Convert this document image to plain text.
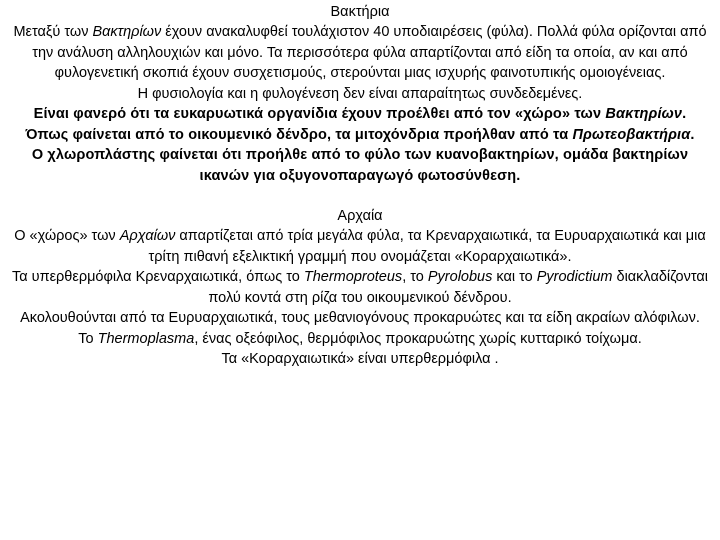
Βακτήρια

Μεταξύ των Βακτηρίων έχουν ανακαλυφθεί τουλάχιστον 40 υποδιαιρέσεις (φύλα). Πολλά φύλα ορίζονται από την ανάλυση αλληλουχιών και μόνο. Τα περισσότερα φύλα απαρτίζονται από είδη τα οποία, αν και από φυλογενετική σκοπιά έχουν συσχετισμούς, στερούνται μιας ισχυρής φαινοτυπικής ομοιογένειας.

Η φυσιολογία και η φυλογένεση δεν είναι απαραίτητως συνδεδεμένες.

Είναι φανερό ότι τα ευκαρυωτικά οργανίδια έχουν προέλθει από τον «χώρο» των Βακτηρίων.

Όπως φαίνεται από το οικουμενικό δένδρο, τα μιτοχόνδρια προήλθαν από τα Πρωτεοβακτήρια.

Ο χλωροπλάστης φαίνεται ότι προήλθε από το φύλο των κυανοβακτηρίων, ομάδα βακτηρίων ικανών για οξυγονοπαραγωγό φωτοσύνθεση.

Αρχαία

Ο «χώρος» των Αρχαίων απαρτίζεται από τρία μεγάλα φύλα, τα Κρεναρχαιωτικά, τα Ευρυαρχαιωτικά και μια τρίτη πιθανή εξελικτική γραμμή που ονομάζεται «Κοραρχαιωτικά».

Τα υπερθερμόφιλα Κρεναρχαιωτικά, όπως το Thermoproteus, το Pyrolobus και το Pyrodictium διακλαδίζονται πολύ κοντά στη ρίζα του οικουμενικού δένδρου.

Ακολουθούνται από τα Ευρυαρχαιωτικά, τους μεθανιογόνους προκαρυώτες και τα είδη ακραίων αλόφιλων.

Το Thermoplasma, ένας οξεόφιλος, θερμόφιλος προκαρυώτης χωρίς κυτταρικό τοίχωμα.

Τα «Κοραρχαιωτικά» είναι υπερθερμόφιλα .
